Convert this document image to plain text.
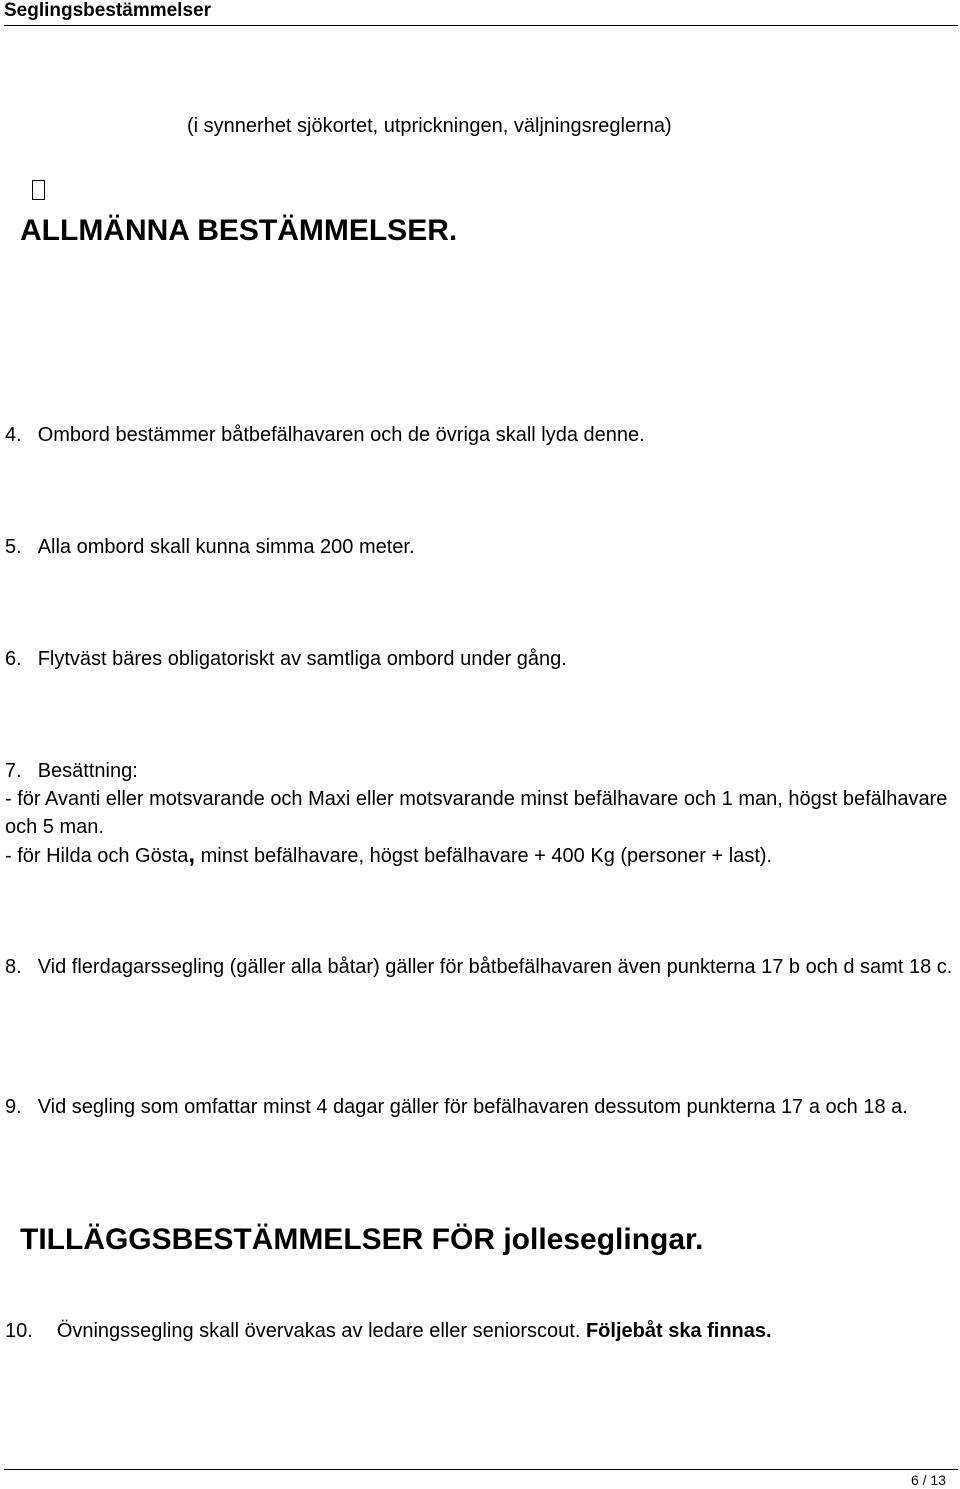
Seglingsbestämmelser
(i synnerhet sjökortet, utprickningen, väljningsreglerna)
ALLMÄNNA BESTÄMMELSER.
4. Ombord bestämmer båtbefälhavaren och de övriga skall lyda denne.
5. Alla ombord skall kunna simma 200 meter.
6. Flytväst bäres obligatoriskt av samtliga ombord under gång.
7. Besättning:
- för Avanti eller motsvarande och Maxi eller motsvarande minst befälhavare och 1 man, högst befälhavare och 5 man.
- för Hilda och Gösta, minst befälhavare, högst befälhavare + 400 Kg (personer + last).
8. Vid flerdagarssegling (gäller alla båtar) gäller för båtbefälhavaren även punkterna 17 b och d samt 18 c.
9. Vid segling som omfattar minst 4 dagar gäller för befälhavaren dessutom punkterna 17 a och 18 a.
TILLÄGGSBESTÄMMELSER FÖR jolleseglingar.
10. Övningssegling skall övervakas av ledare eller seniorscout. Följebåt ska finnas.
6 / 13
